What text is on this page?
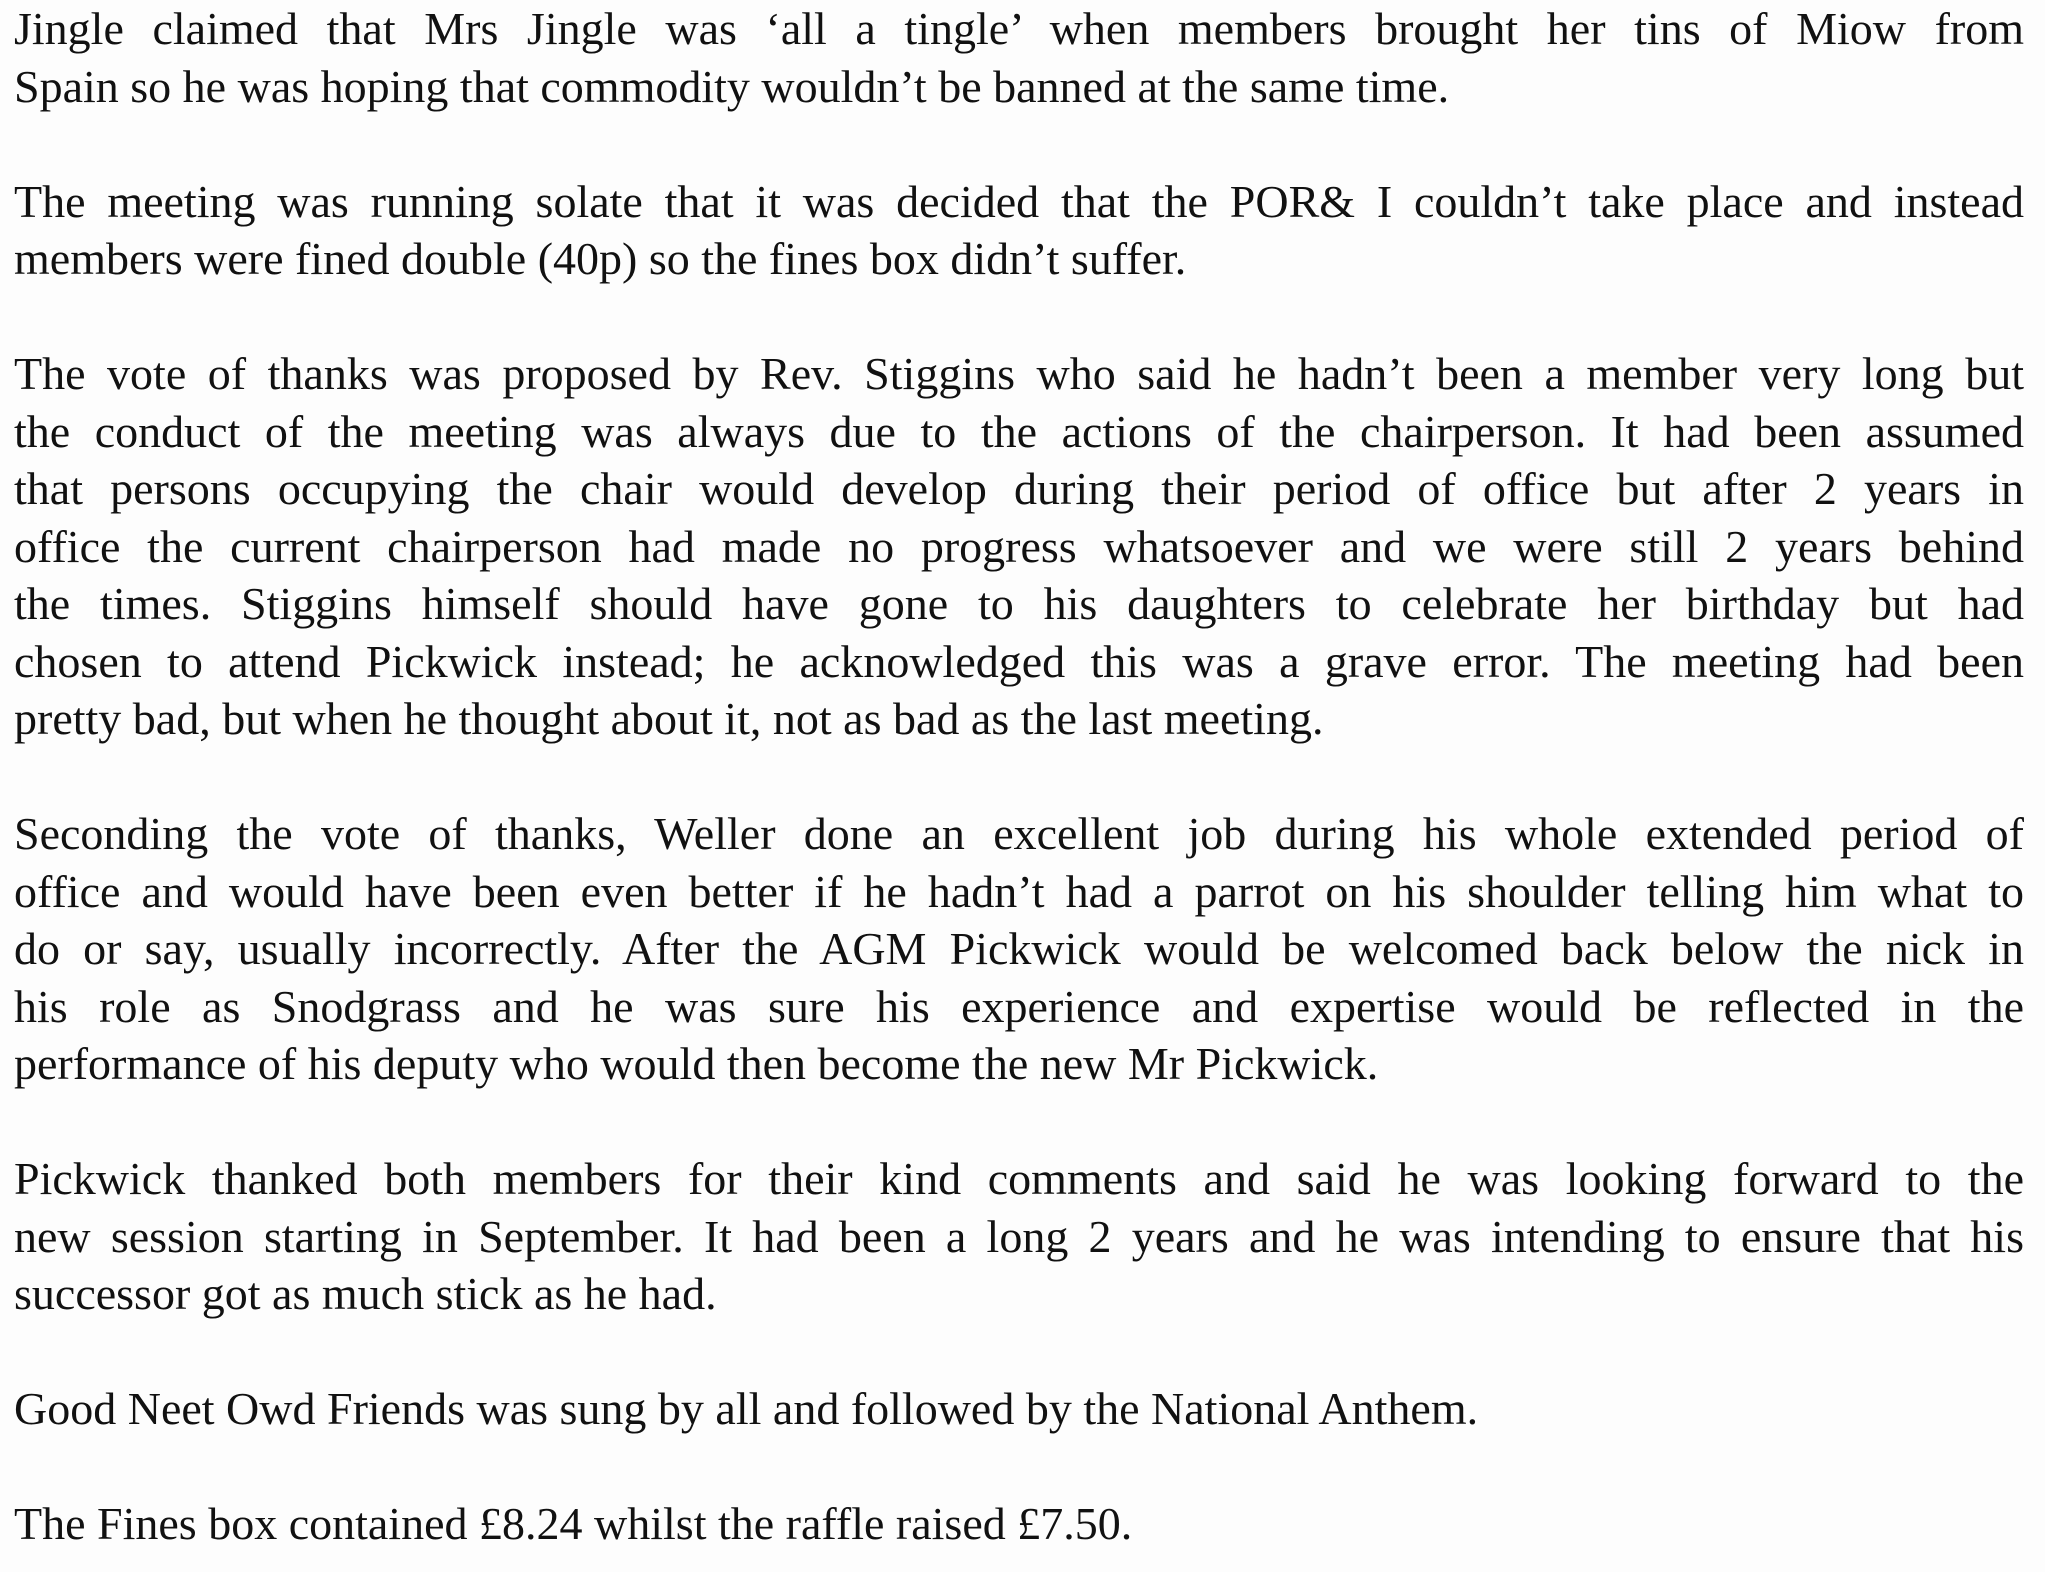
Jingle claimed that Mrs Jingle was ‘all a tingle’ when members brought her tins of Miow from
Spain so he was hoping that commodity wouldn’t be banned at the same time.
The meeting was running solate that it was decided that the POR& I couldn’t take place and instead
members were fined double (40p) so the fines box didn’t suffer.
The vote of thanks was proposed by Rev. Stiggins who said he hadn’t been a member very long but
the conduct of the meeting was always due to the actions of the chairperson. It had been assumed
that persons occupying the chair would develop during their period of office but after 2 years in
office the current chairperson had made no progress whatsoever and we were still 2 years behind
the times. Stiggins himself should have gone to his daughters to celebrate her birthday but had
chosen to attend Pickwick instead; he acknowledged this was a grave error. The meeting had been
pretty bad, but when he thought about it, not as bad as the last meeting.
Seconding the vote of thanks, Weller done an excellent job during his whole extended period of
office and would have been even better if he hadn’t had a parrot on his shoulder telling him what to
do or say, usually incorrectly. After the AGM Pickwick would be welcomed back below the nick in
his role as Snodgrass and he was sure his experience and expertise would be reflected in the
performance of his deputy who would then become the new Mr Pickwick.
Pickwick thanked both members for their kind comments and said he was looking forward to the
new session starting in September. It had been a long 2 years and he was intending to ensure that his
successor got as much stick as he had.
Good Neet Owd Friends was sung by all and followed by the National Anthem.
The Fines box contained £8.24 whilst the raffle raised £7.50.
